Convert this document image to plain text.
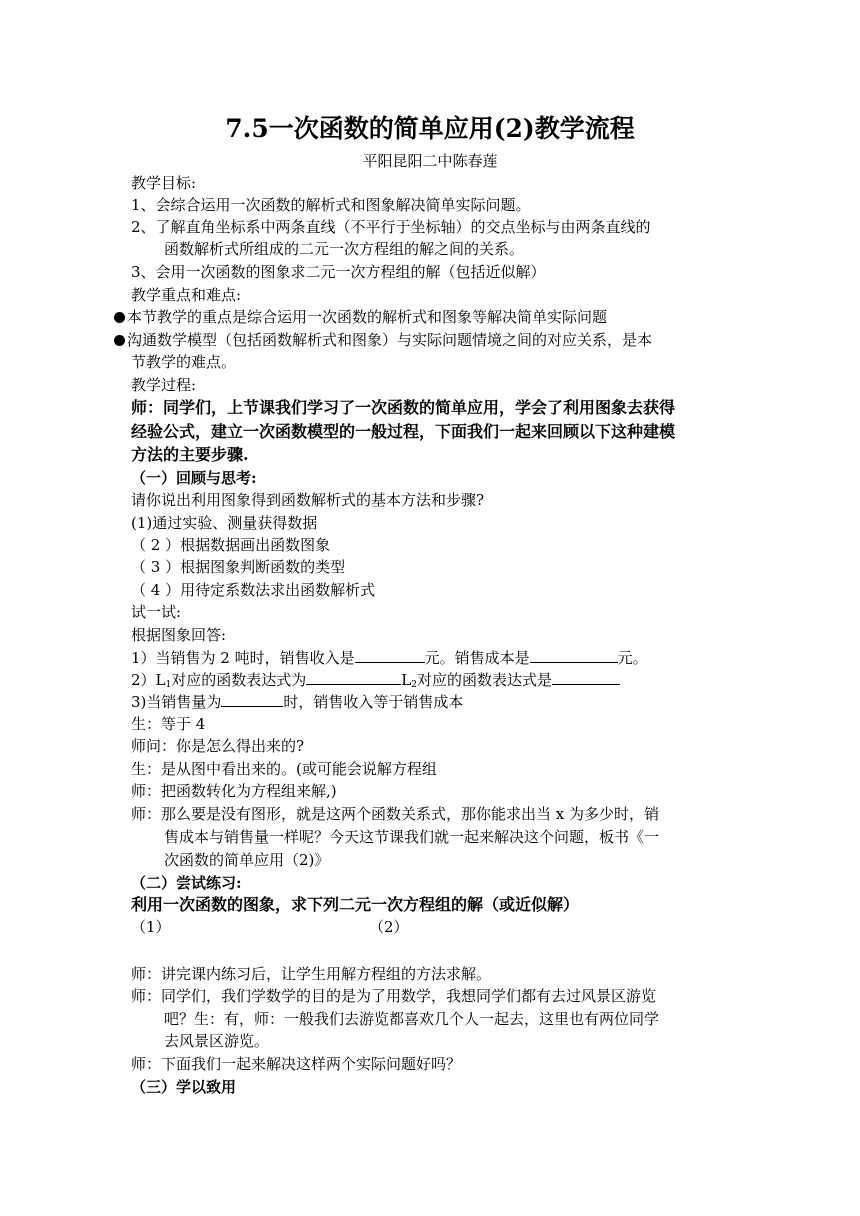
7.5一次函数的简单应用(2)教学流程
平阳昆阳二中陈春莲
教学目标:
1、会综合运用一次函数的解析式和图象解决简单实际问题。
2、了解直角坐标系中两条直线（不平行于坐标轴）的交点坐标与由两条直线的
函数解析式所组成的二元一次方程组的解之间的关系。
3、会用一次函数的图象求二元一次方程组的解（包括近似解）
教学重点和难点:
本节教学的重点是综合运用一次函数的解析式和图象等解决简单实际问题
沟通数学模型（包括函数解析式和图象）与实际问题情境之间的对应关系，是本
节教学的难点。
教学过程:
师：同学们，上节课我们学习了一次函数的简单应用，学会了利用图象去获得
经验公式，建立一次函数模型的一般过程，下面我们一起来回顾以下这种建模
方法的主要步骤.
（一）回顾与思考:
请你说出利用图象得到函数解析式的基本方法和步骤?
(1)通过实验、测量获得数据
（ 2 ）根据数据画出函数图象
（ 3 ）根据图象判断函数的类型
（ 4 ）用待定系数法求出函数解析式
试一试:
根据图象回答:
1）当销售为 2 吨时，销售收入是	元。销售成本是	元。
$2)L_1$对应的函数表达式为	$L_2$对应的函数表达式是
3)当销售量为	时，销售收入等于销售成本
生：等于 4
师问：你是怎么得出来的?
生：是从图中看出来的。(或可能会说解方程组
师：把函数转化为方程组来解,)
师：那么要是没有图形，就是这两个函数关系式，那你能求出当 x 为多少时，销
售成本与销售量一样呢？今天这节课我们就一起来解决这个问题，板书《一
次函数的简单应用（2)》
（二）尝试练习:
利用一次函数的图象，求下列二元一次方程组的解（或近似解）
（1）	（2）
师：讲完课内练习后，让学生用解方程组的方法求解。
师：同学们，我们学数学的目的是为了用数学，我想同学们都有去过风景区游览
吧？生：有，师：一般我们去游览都喜欢几个人一起去，这里也有两位同学
去风景区游览。
师：下面我们一起来解决这样两个实际问题好吗？
（三）学以致用
